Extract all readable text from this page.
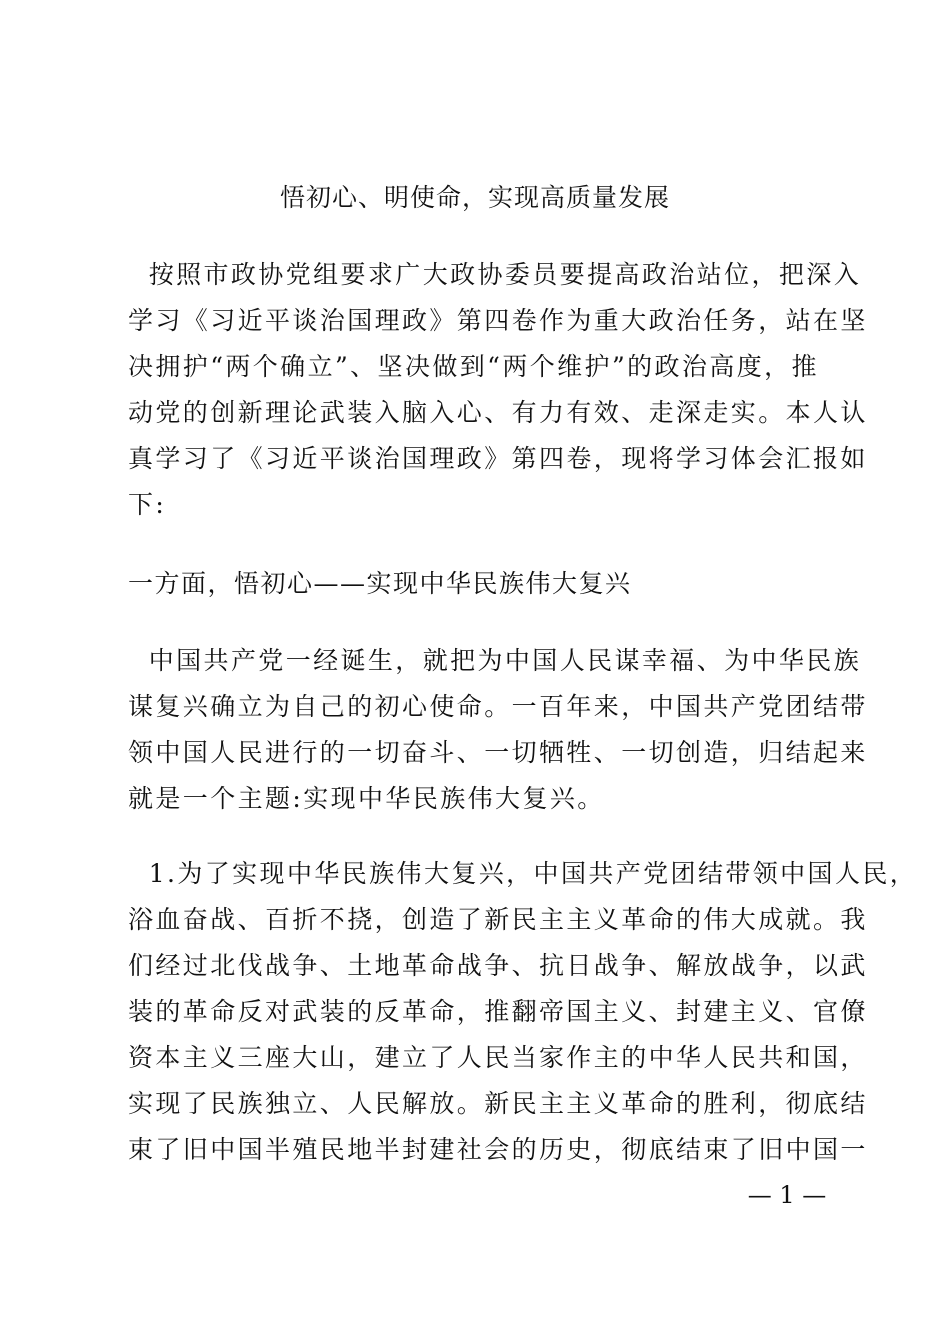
悟初心、明使命，实现高质量发展
按照市政协党组要求广大政协委员要提高政治站位，把深入
学习《习近平谈治国理政》第四卷作为重大政治任务，站在坚
决拥护“两个确立”、坚决做到“两个维护”的政治高度，推
动党的创新理论武装入脑入心、有力有效、走深走实。本人认
真学习了《习近平谈治国理政》第四卷，现将学习体会汇报如
下:
一方面，悟初心——实现中华民族伟大复兴
中国共产党一经诞生，就把为中国人民谋幸福、为中华民族
谋复兴确立为自己的初心使命。一百年来，中国共产党团结带
领中国人民进行的一切奋斗、一切牺牲、一切创造，归结起来
就是一个主题:实现中华民族伟大复兴。
1.为了实现中华民族伟大复兴，中国共产党团结带领中国人民，
浴血奋战、百折不挠，创造了新民主主义革命的伟大成就。我
们经过北伐战争、土地革命战争、抗日战争、解放战争，以武
装的革命反对武装的反革命，推翻帝国主义、封建主义、官僚
资本主义三座大山，建立了人民当家作主的中华人民共和国，
实现了民族独立、人民解放。新民主主义革命的胜利，彻底结
束了旧中国半殖民地半封建社会的历史，彻底结束了旧中国一
— 1 —
